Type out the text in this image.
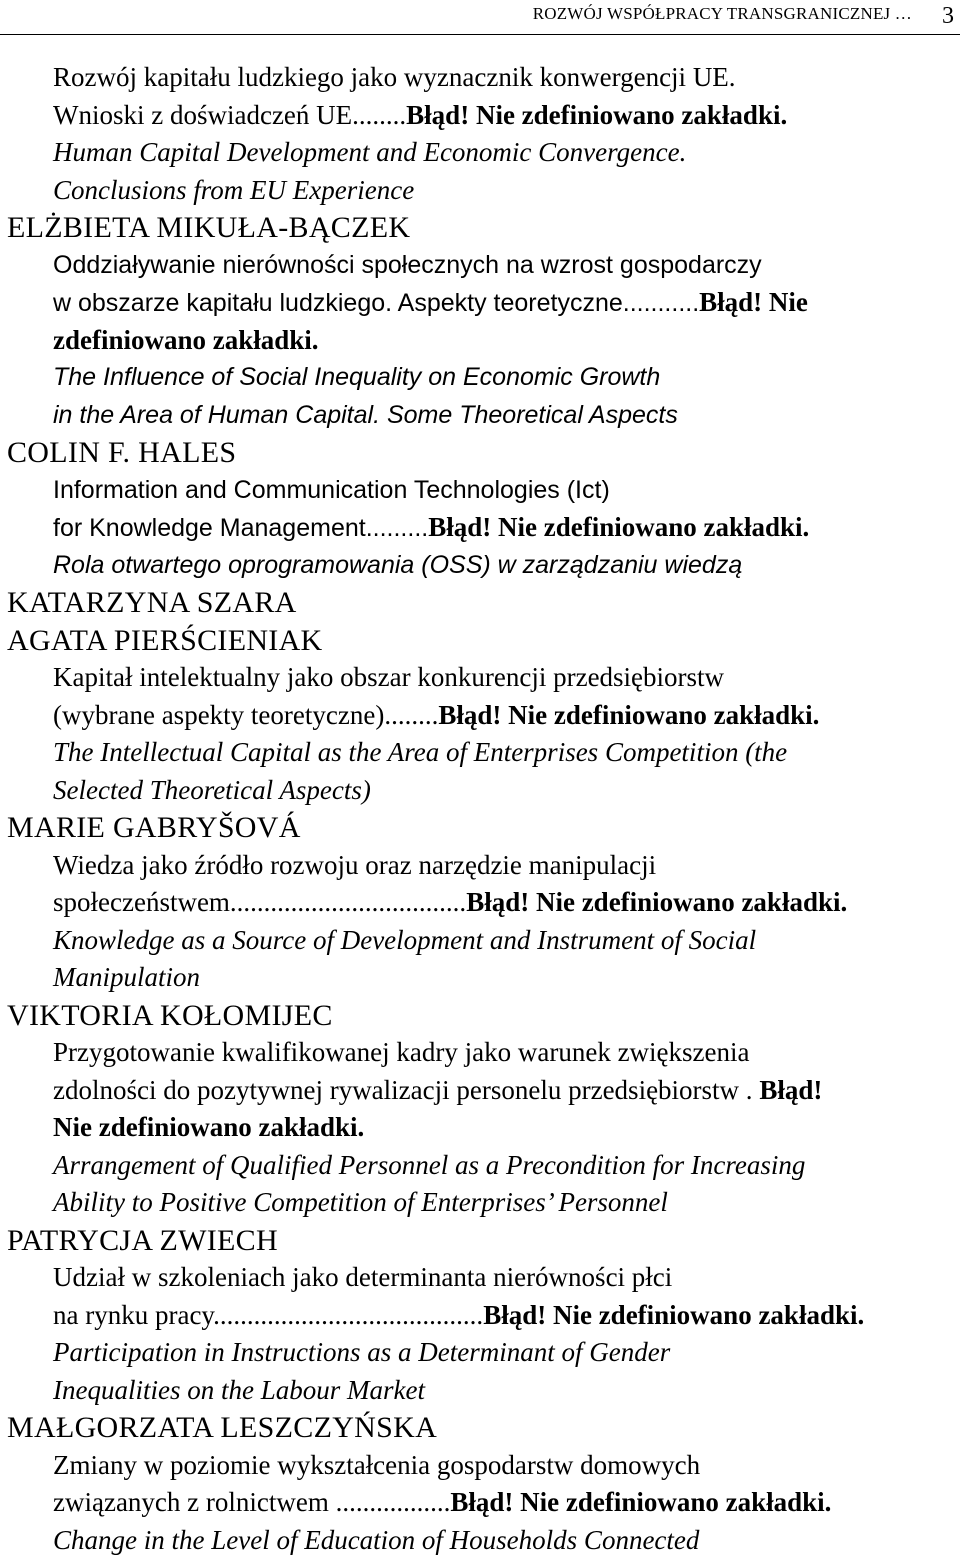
ROZWÓJ WSPÓŁPRACY TRANSGRANICZNEJ … 3
Rozwój kapitału ludzkiego jako wyznacznik konwergencji UE.
Wnioski z doświadczeń UE........Błąd! Nie zdefiniowano zakładki.
Human Capital Development and Economic Convergence.
Conclusions from EU Experience
ELŻBIETA MIKUŁA-BĄCZEK
Oddziaływanie nierówności społecznych na wzrost gospodarczy
w obszarze kapitału ludzkiego. Aspekty teoretyczne...........Błąd! Nie
zdefiniowano zakładki.
The Influence of Social Inequality on Economic Growth
in the Area of Human Capital. Some Theoretical Aspects
COLIN F. HALES
Information and Communication Technologies (Ict)
for Knowledge Management.........Błąd! Nie zdefiniowano zakładki.
Rola otwartego oprogramowania (OSS) w zarządzaniu wiedzą
KATARZYNA SZARA
AGATA PIERŚCIENIAK
Kapitał intelektualny jako obszar konkurencji przedsiębiorstw
(wybrane aspekty teoretyczne)........Błąd! Nie zdefiniowano zakładki.
The Intellectual Capital as the Area of Enterprises Competition (the
Selected Theoretical Aspects)
MARIE GABRYŠOVÁ
Wiedza jako źródło rozwoju oraz narzędzie manipulacji
społeczeństwem...................................Błąd! Nie zdefiniowano zakładki.
Knowledge as a Source of Development and Instrument of Social
Manipulation
VIKTORIA KOŁOMIJEC
Przygotowanie kwalifikowanej kadry jako warunek zwiększenia
zdolności do pozytywnej rywalizacji personelu przedsiębiorstw . Błąd!
Nie zdefiniowano zakładki.
Arrangement of Qualified Personnel as a Precondition for Increasing
Ability to Positive Competition of Enterprises’ Personnel
PATRYCJA ZWIECH
Udział w szkoleniach jako determinanta nierówności płci
na rynku pracy........................................Błąd! Nie zdefiniowano zakładki.
Participation in Instructions as a Determinant of Gender
Inequalities on the Labour Market
MAŁGORZATA LESZCZYŃSKA
Zmiany w poziomie wykształcenia gospodarstw domowych
związanych z rolnictwem .................Błąd! Nie zdefiniowano zakładki.
Change in the Level of Education of Households Connected
